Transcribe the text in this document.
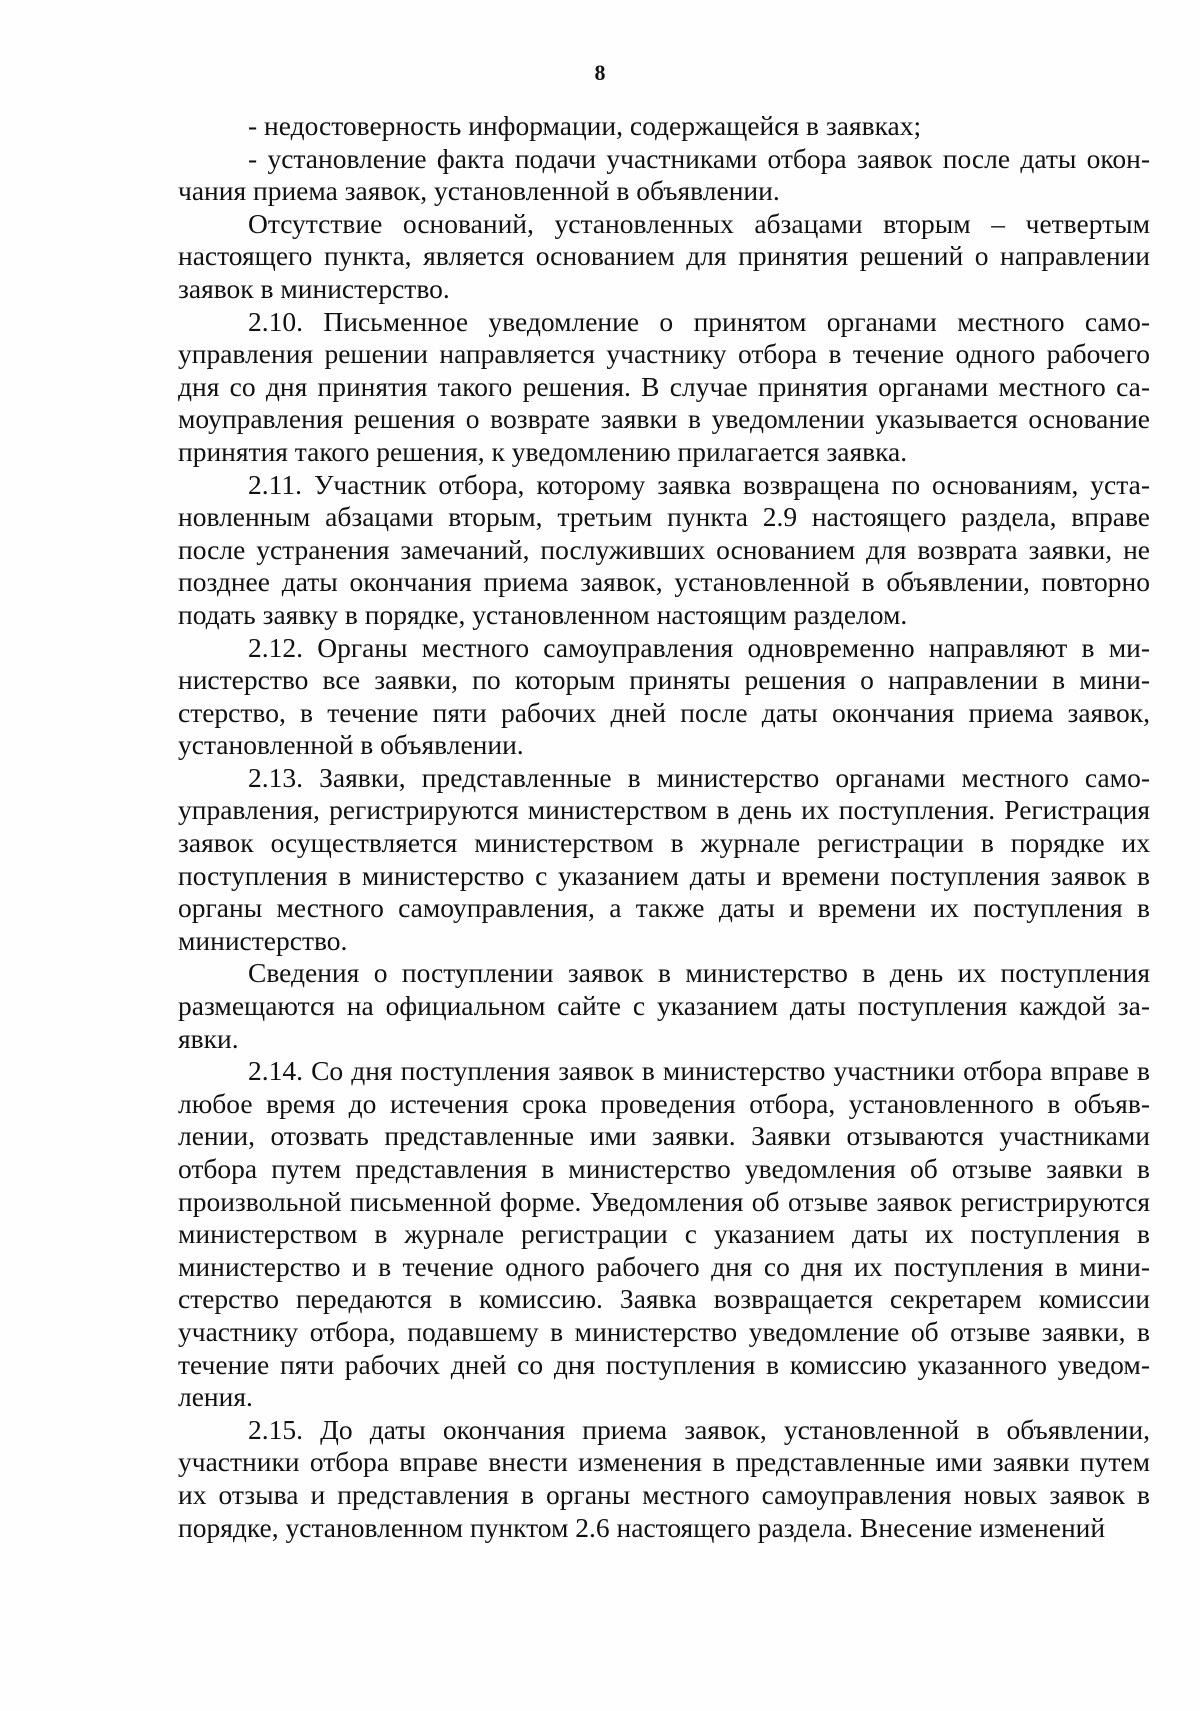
8

- недостоверность информации, содержащейся в заявках;

- установление факта подачи участниками отбора заявок после даты окончания приема заявок, установленной в объявлении.

Отсутствие оснований, установленных абзацами вторым – четвертым настоящего пункта, является основанием для принятия решений о направлении заявок в министерство.

2.10. Письменное уведомление о принятом органами местного самоуправления решении направляется участнику отбора в течение одного рабочего дня со дня принятия такого решения. В случае принятия органами местного самоуправления решения о возврате заявки в уведомлении указывается основание принятия такого решения, к уведомлению прилагается заявка.

2.11. Участник отбора, которому заявка возвращена по основаниям, установленным абзацами вторым, третьим пункта 2.9 настоящего раздела, вправе после устранения замечаний, послуживших основанием для возврата заявки, не позднее даты окончания приема заявок, установленной в объявлении, повторно подать заявку в порядке, установленном настоящим разделом.

2.12. Органы местного самоуправления одновременно направляют в министерство все заявки, по которым приняты решения о направлении в министерство, в течение пяти рабочих дней после даты окончания приема заявок, установленной в объявлении.

2.13. Заявки, представленные в министерство органами местного самоуправления, регистрируются министерством в день их поступления. Регистрация заявок осуществляется министерством в журнале регистрации в порядке их поступления в министерство с указанием даты и времени поступления заявок в органы местного самоуправления, а также даты и времени их поступления в министерство.

Сведения о поступлении заявок в министерство в день их поступления размещаются на официальном сайте с указанием даты поступления каждой заявки.

2.14. Со дня поступления заявок в министерство участники отбора вправе в любое время до истечения срока проведения отбора, установленного в объявлении, отозвать представленные ими заявки. Заявки отзываются участниками отбора путем представления в министерство уведомления об отзыве заявки в произвольной письменной форме. Уведомления об отзыве заявок регистрируются министерством в журнале регистрации с указанием даты их поступления в министерство и в течение одного рабочего дня со дня их поступления в министерство передаются в комиссию. Заявка возвращается секретарем комиссии участнику отбора, подавшему в министерство уведомление об отзыве заявки, в течение пяти рабочих дней со дня поступления в комиссию указанного уведомления.

2.15. До даты окончания приема заявок, установленной в объявлении, участники отбора вправе внести изменения в представленные ими заявки путем их отзыва и представления в органы местного самоуправления новых заявок в порядке, установленном пунктом 2.6 настоящего раздела. Внесение изменений
